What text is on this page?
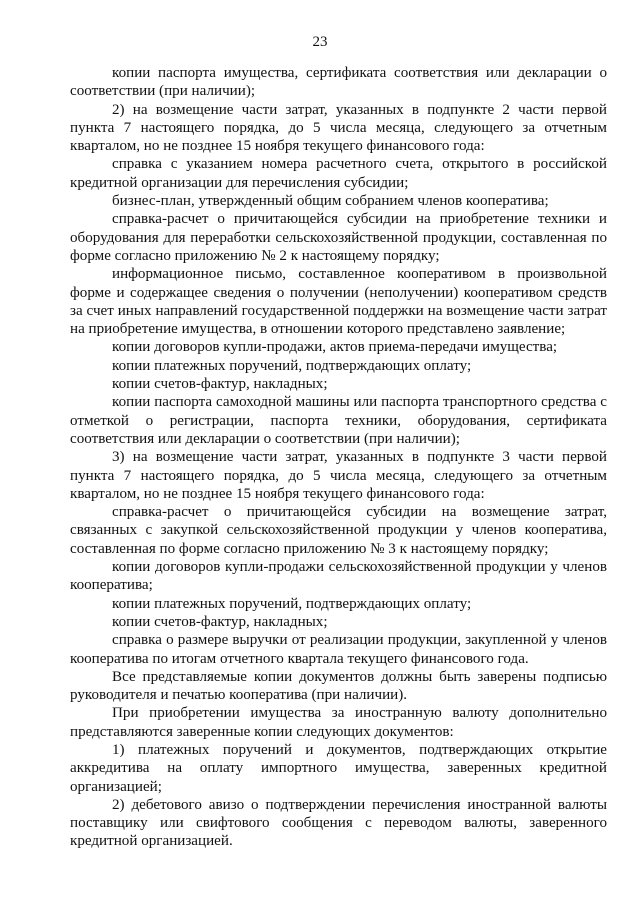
23

копии паспорта имущества, сертификата соответствия или декларации о соответствии (при наличии);

2) на возмещение части затрат, указанных в подпункте 2 части первой пункта 7 настоящего порядка, до 5 числа месяца, следующего за отчетным кварталом, но не позднее 15 ноября текущего финансового года:

справка с указанием номера расчетного счета, открытого в российской кредитной организации для перечисления субсидии;

бизнес-план, утвержденный общим собранием членов кооператива;

справка-расчет о причитающейся субсидии на приобретение техники и оборудования для переработки сельскохозяйственной продукции, составленная по форме согласно приложению № 2 к настоящему порядку;

информационное письмо, составленное кооперативом в произвольной форме и содержащее сведения о получении (неполучении) кооперативом средств за счет иных направлений государственной поддержки на возмещение части затрат на приобретение имущества, в отношении которого представлено заявление;

копии договоров купли-продажи, актов приема-передачи имущества;

копии платежных поручений, подтверждающих оплату;

копии счетов-фактур, накладных;

копии паспорта самоходной машины или паспорта транспортного средства с отметкой о регистрации, паспорта техники, оборудования, сертификата соответствия или декларации о соответствии (при наличии);

3) на возмещение части затрат, указанных в подпункте 3 части первой пункта 7 настоящего порядка, до 5 числа месяца, следующего за отчетным кварталом, но не позднее 15 ноября текущего финансового года:

справка-расчет о причитающейся субсидии на возмещение затрат, связанных с закупкой сельскохозяйственной продукции у членов кооператива, составленная по форме согласно приложению № 3 к настоящему порядку;

копии договоров купли-продажи сельскохозяйственной продукции у членов кооператива;

копии платежных поручений, подтверждающих оплату;

копии счетов-фактур, накладных;

справка о размере выручки от реализации продукции, закупленной у членов кооператива по итогам отчетного квартала текущего финансового года.

Все представляемые копии документов должны быть заверены подписью руководителя и печатью кооператива (при наличии).

При приобретении имущества за иностранную валюту дополнительно представляются заверенные копии следующих документов:

1) платежных поручений и документов, подтверждающих открытие аккредитива на оплату импортного имущества, заверенных кредитной организацией;

2) дебетового авизо о подтверждении перечисления иностранной валюты поставщику или свифтового сообщения с переводом валюты, заверенного кредитной организацией.
